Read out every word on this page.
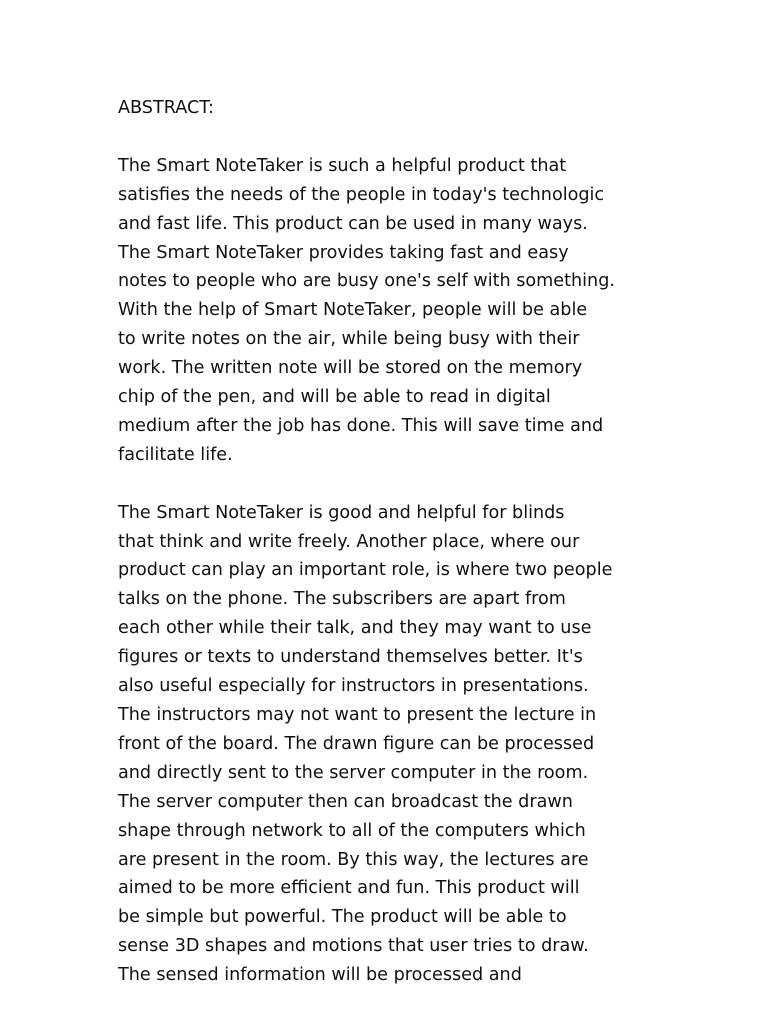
ABSTRACT:
The Smart NoteTaker is such a helpful product that
satisfies the needs of the people in today's technologic
and fast life. This product can be used in many ways.
The Smart NoteTaker provides taking fast and easy
notes to people who are busy one's self with something.
With the help of Smart NoteTaker, people will be able
to write notes on the air, while being busy with their
work. The written note will be stored on the memory
chip of the pen, and will be able to read in digital
medium after the job has done. This will save time and
facilitate life.
The Smart NoteTaker is good and helpful for blinds
that think and write freely. Another place, where our
product can play an important role, is where two people
talks on the phone. The subscribers are apart from
each other while their talk, and they may want to use
figures or texts to understand themselves better. It's
also useful especially for instructors in presentations.
The instructors may not want to present the lecture in
front of the board. The drawn figure can be processed
and directly sent to the server computer in the room.
The server computer then can broadcast the drawn
shape through network to all of the computers which
are present in the room. By this way, the lectures are
aimed to be more efficient and fun. This product will
be simple but powerful. The product will be able to
sense 3D shapes and motions that user tries to draw.
The sensed information will be processed and
